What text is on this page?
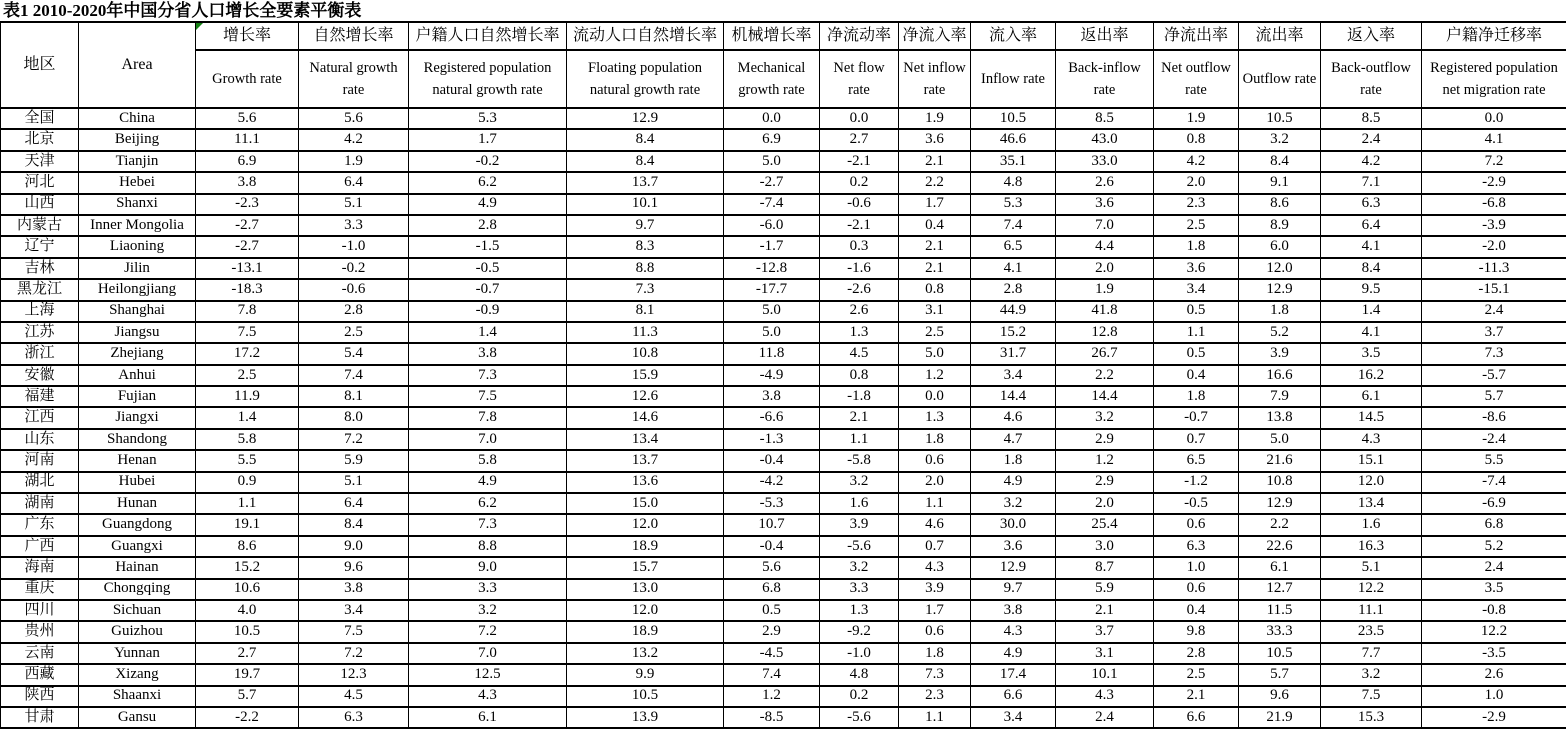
表1 2010-2020年中国分省人口增长全要素平衡表
地区	Area	增长率	自然增长率	户籍人口自然增长率	流动人口自然增长率	机械增长率	净流动率	净流入率	流入率	返出率	净流出率	流出率	返入率	户籍净迁移率
		Growth rate	Natural growth rate	Registered population natural growth rate	Floating population natural growth rate	Mechanical growth rate	Net flow rate	Net inflow rate	Inflow rate	Back-inflow rate	Net outflow rate	Outflow rate	Back-outflow rate	Registered population net migration rate
全国	China	5.6	5.6	5.3	12.9	0.0	0.0	1.9	10.5	8.5	1.9	10.5	8.5	0.0
北京	Beijing	11.1	4.2	1.7	8.4	6.9	2.7	3.6	46.6	43.0	0.8	3.2	2.4	4.1
天津	Tianjin	6.9	1.9	-0.2	8.4	5.0	-2.1	2.1	35.1	33.0	4.2	8.4	4.2	7.2
河北	Hebei	3.8	6.4	6.2	13.7	-2.7	0.2	2.2	4.8	2.6	2.0	9.1	7.1	-2.9
山西	Shanxi	-2.3	5.1	4.9	10.1	-7.4	-0.6	1.7	5.3	3.6	2.3	8.6	6.3	-6.8
内蒙古	Inner Mongolia	-2.7	3.3	2.8	9.7	-6.0	-2.1	0.4	7.4	7.0	2.5	8.9	6.4	-3.9
辽宁	Liaoning	-2.7	-1.0	-1.5	8.3	-1.7	0.3	2.1	6.5	4.4	1.8	6.0	4.1	-2.0
吉林	Jilin	-13.1	-0.2	-0.5	8.8	-12.8	-1.6	2.1	4.1	2.0	3.6	12.0	8.4	-11.3
黑龙江	Heilongjiang	-18.3	-0.6	-0.7	7.3	-17.7	-2.6	0.8	2.8	1.9	3.4	12.9	9.5	-15.1
上海	Shanghai	7.8	2.8	-0.9	8.1	5.0	2.6	3.1	44.9	41.8	0.5	1.8	1.4	2.4
江苏	Jiangsu	7.5	2.5	1.4	11.3	5.0	1.3	2.5	15.2	12.8	1.1	5.2	4.1	3.7
浙江	Zhejiang	17.2	5.4	3.8	10.8	11.8	4.5	5.0	31.7	26.7	0.5	3.9	3.5	7.3
安徽	Anhui	2.5	7.4	7.3	15.9	-4.9	0.8	1.2	3.4	2.2	0.4	16.6	16.2	-5.7
福建	Fujian	11.9	8.1	7.5	12.6	3.8	-1.8	0.0	14.4	14.4	1.8	7.9	6.1	5.7
江西	Jiangxi	1.4	8.0	7.8	14.6	-6.6	2.1	1.3	4.6	3.2	-0.7	13.8	14.5	-8.6
山东	Shandong	5.8	7.2	7.0	13.4	-1.3	1.1	1.8	4.7	2.9	0.7	5.0	4.3	-2.4
河南	Henan	5.5	5.9	5.8	13.7	-0.4	-5.8	0.6	1.8	1.2	6.5	21.6	15.1	5.5
湖北	Hubei	0.9	5.1	4.9	13.6	-4.2	3.2	2.0	4.9	2.9	-1.2	10.8	12.0	-7.4
湖南	Hunan	1.1	6.4	6.2	15.0	-5.3	1.6	1.1	3.2	2.0	-0.5	12.9	13.4	-6.9
广东	Guangdong	19.1	8.4	7.3	12.0	10.7	3.9	4.6	30.0	25.4	0.6	2.2	1.6	6.8
广西	Guangxi	8.6	9.0	8.8	18.9	-0.4	-5.6	0.7	3.6	3.0	6.3	22.6	16.3	5.2
海南	Hainan	15.2	9.6	9.0	15.7	5.6	3.2	4.3	12.9	8.7	1.0	6.1	5.1	2.4
重庆	Chongqing	10.6	3.8	3.3	13.0	6.8	3.3	3.9	9.7	5.9	0.6	12.7	12.2	3.5
四川	Sichuan	4.0	3.4	3.2	12.0	0.5	1.3	1.7	3.8	2.1	0.4	11.5	11.1	-0.8
贵州	Guizhou	10.5	7.5	7.2	18.9	2.9	-9.2	0.6	4.3	3.7	9.8	33.3	23.5	12.2
云南	Yunnan	2.7	7.2	7.0	13.2	-4.5	-1.0	1.8	4.9	3.1	2.8	10.5	7.7	-3.5
西藏	Xizang	19.7	12.3	12.5	9.9	7.4	4.8	7.3	17.4	10.1	2.5	5.7	3.2	2.6
陕西	Shaanxi	5.7	4.5	4.3	10.5	1.2	0.2	2.3	6.6	4.3	2.1	9.6	7.5	1.0
甘肃	Gansu	-2.2	6.3	6.1	13.9	-8.5	-5.6	1.1	3.4	2.4	6.6	21.9	15.3	-2.9
